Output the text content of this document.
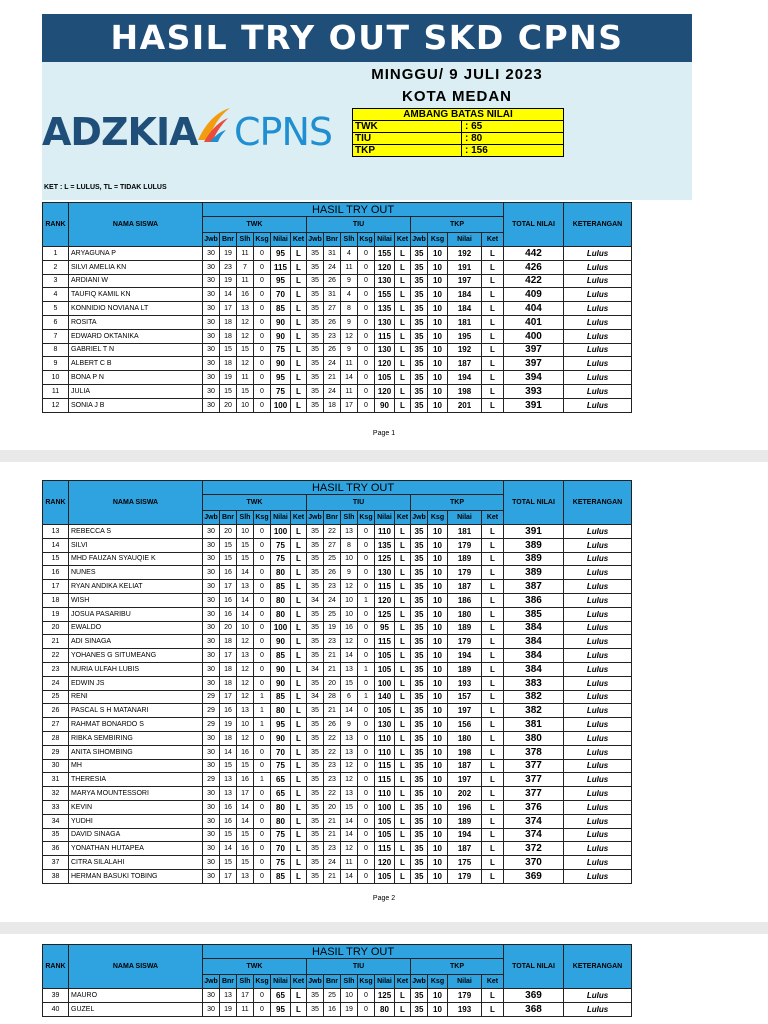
HASIL TRY OUT SKD CPNS
ADZKIA CPNS
MINGGU/ 9 JULI 2023
KOTA MEDAN
AMBANG BATAS NILAI
TWK	: 65
TIU	: 80
TKP	: 156
KET : L = LULUS, TL = TIDAK LULUS
RANK	NAMA SISWA	HASIL TRY OUT																TOTAL NILAI	KETERANGAN
		TWK						TIU						TKP					
		Jwb	Bnr	Slh	Ksg	Nilai	Ket	Jwb	Bnr	Slh	Ksg	Nilai	Ket	Jwb	Ksg	Nilai	Ket		
1	ARYAGUNA P	30	19	11	0	95	L	35	31	4	0	155	L	35	10	192	L	442	Lulus
2	SILVI AMELIA KN	30	23	7	0	115	L	35	24	11	0	120	L	35	10	191	L	426	Lulus
3	ARDIANI W	30	19	11	0	95	L	35	26	9	0	130	L	35	10	197	L	422	Lulus
4	TAUFIQ KAMIL KN	30	14	16	0	70	L	35	31	4	0	155	L	35	10	184	L	409	Lulus
5	KONNIDIO NOVIANA LT	30	17	13	0	85	L	35	27	8	0	135	L	35	10	184	L	404	Lulus
6	ROSITA	30	18	12	0	90	L	35	26	9	0	130	L	35	10	181	L	401	Lulus
7	EDWARD OKTANIKA	30	18	12	0	90	L	35	23	12	0	115	L	35	10	195	L	400	Lulus
8	GABRIEL T N	30	15	15	0	75	L	35	26	9	0	130	L	35	10	192	L	397	Lulus
9	ALBERT C B	30	18	12	0	90	L	35	24	11	0	120	L	35	10	187	L	397	Lulus
10	BONA P N	30	19	11	0	95	L	35	21	14	0	105	L	35	10	194	L	394	Lulus
11	JULIA	30	15	15	0	75	L	35	24	11	0	120	L	35	10	198	L	393	Lulus
12	SONIA J B	30	20	10	0	100	L	35	18	17	0	90	L	35	10	201	L	391	Lulus
Page 1
RANK	NAMA SISWA	HASIL TRY OUT																TOTAL NILAI	KETERANGAN
		TWK						TIU						TKP					
		Jwb	Bnr	Slh	Ksg	Nilai	Ket	Jwb	Bnr	Slh	Ksg	Nilai	Ket	Jwb	Ksg	Nilai	Ket		
13	REBECCA S	30	20	10	0	100	L	35	22	13	0	110	L	35	10	181	L	391	Lulus
14	SILVI	30	15	15	0	75	L	35	27	8	0	135	L	35	10	179	L	389	Lulus
15	MHD FAUZAN SYAUQIE K	30	15	15	0	75	L	35	25	10	0	125	L	35	10	189	L	389	Lulus
16	NUNES	30	16	14	0	80	L	35	26	9	0	130	L	35	10	179	L	389	Lulus
17	RYAN ANDIKA KELIAT	30	17	13	0	85	L	35	23	12	0	115	L	35	10	187	L	387	Lulus
18	WISH	30	16	14	0	80	L	34	24	10	1	120	L	35	10	186	L	386	Lulus
19	JOSUA PASARIBU	30	16	14	0	80	L	35	25	10	0	125	L	35	10	180	L	385	Lulus
20	EWALDO	30	20	10	0	100	L	35	19	16	0	95	L	35	10	189	L	384	Lulus
21	ADI SINAGA	30	18	12	0	90	L	35	23	12	0	115	L	35	10	179	L	384	Lulus
22	YOHANES G SITUMEANG	30	17	13	0	85	L	35	21	14	0	105	L	35	10	194	L	384	Lulus
23	NURIA ULFAH LUBIS	30	18	12	0	90	L	34	21	13	1	105	L	35	10	189	L	384	Lulus
24	EDWIN JS	30	18	12	0	90	L	35	20	15	0	100	L	35	10	193	L	383	Lulus
25	RENI	29	17	12	1	85	L	34	28	6	1	140	L	35	10	157	L	382	Lulus
26	PASCAL S H MATANARI	29	16	13	1	80	L	35	21	14	0	105	L	35	10	197	L	382	Lulus
27	RAHMAT BONARDO S	29	19	10	1	95	L	35	26	9	0	130	L	35	10	156	L	381	Lulus
28	RIBKA SEMBIRING	30	18	12	0	90	L	35	22	13	0	110	L	35	10	180	L	380	Lulus
29	ANITA SIHOMBING	30	14	16	0	70	L	35	22	13	0	110	L	35	10	198	L	378	Lulus
30	MH	30	15	15	0	75	L	35	23	12	0	115	L	35	10	187	L	377	Lulus
31	THERESIA	29	13	16	1	65	L	35	23	12	0	115	L	35	10	197	L	377	Lulus
32	MARYA MOUNTESSORI	30	13	17	0	65	L	35	22	13	0	110	L	35	10	202	L	377	Lulus
33	KEVIN	30	16	14	0	80	L	35	20	15	0	100	L	35	10	196	L	376	Lulus
34	YUDHI	30	16	14	0	80	L	35	21	14	0	105	L	35	10	189	L	374	Lulus
35	DAVID SINAGA	30	15	15	0	75	L	35	21	14	0	105	L	35	10	194	L	374	Lulus
36	YONATHAN HUTAPEA	30	14	16	0	70	L	35	23	12	0	115	L	35	10	187	L	372	Lulus
37	CITRA SILALAHI	30	15	15	0	75	L	35	24	11	0	120	L	35	10	175	L	370	Lulus
38	HERMAN BASUKI TOBING	30	17	13	0	85	L	35	21	14	0	105	L	35	10	179	L	369	Lulus
Page 2
RANK	NAMA SISWA	HASIL TRY OUT																TOTAL NILAI	KETERANGAN
		TWK						TIU						TKP					
		Jwb	Bnr	Slh	Ksg	Nilai	Ket	Jwb	Bnr	Slh	Ksg	Nilai	Ket	Jwb	Ksg	Nilai	Ket		
39	MAURO	30	13	17	0	65	L	35	25	10	0	125	L	35	10	179	L	369	Lulus
40	GUZEL	30	19	11	0	95	L	35	16	19	0	80	L	35	10	193	L	368	Lulus
